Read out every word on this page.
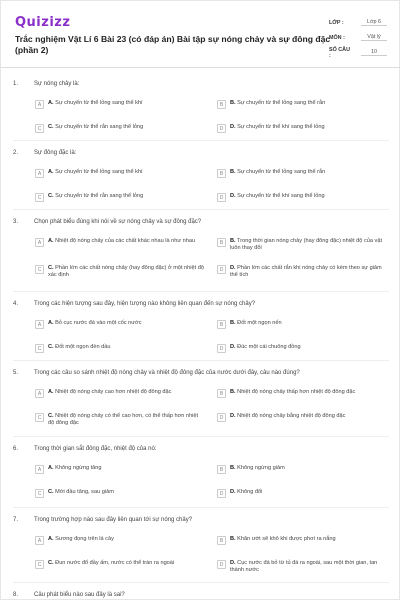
Quizizz
Trắc nghiệm Vật Lí 6 Bài 23 (có đáp án) Bài tập sự nóng chảy và sự đông đặc (phần 2)
LỚP :	Lớp 6
MÔN :	Vật lý
SỐ CÂU :
10
1.	Sự nóng chảy là:
A	A. Sự chuyển từ thể lỏng sang thể khí	B	B. Sự chuyển từ thể lỏng sang thể rắn
C	C. Sự chuyển từ thể rắn sang thể lỏng	D	D. Sự chuyển từ thể khí sang thể lỏng
2.	Sự đông đặc là:
A	A. Sự chuyển từ thể lỏng sang thể khí	B	B. Sự chuyển từ thể lỏng sang thể rắn
C	C. Sự chuyển từ thể rắn sang thể lỏng	D	D. Sự chuyển từ thể khí sang thể lỏng
3.	Chọn phát biểu đúng khi nói về sự nóng chảy và sự đông đặc?
A	A. Nhiệt độ nóng chảy của các chất khác nhau là như nhau	B	B. Trong thời gian nóng chảy (hay đông đặc) nhiệt độ của vật luôn thay đổi
C	C. Phần lớn các chất nóng chảy (hay đông đặc) ở một nhiệt độ xác định
D	D. Phần lớn các chất rắn khi nóng chảy có kèm theo sự giảm thể tích
4.	Trong các hiện tượng sau đây, hiện tượng nào không liên quan đến sự nóng chảy?
A	A. Bỏ cục nước đá vào một cốc nước	B	B. Đốt một ngọn nến
C	C. Đốt một ngọn đèn dầu	D	D. Đúc một cái chuông đồng
5.	Trong các câu so sánh nhiệt độ nóng chảy và nhiệt độ đông đặc của nước dưới đây, câu nào đúng?
A	A. Nhiệt độ nóng chảy cao hơn nhiệt độ đông đặc	B	B. Nhiệt độ nóng chảy thấp hơn nhiệt độ đông đặc
C	C. Nhiệt độ nóng chảy có thể cao hơn, có thể thấp hơn nhiệt độ đông đặc
D	D. Nhiệt độ nóng chảy bằng nhiệt độ đông đặc
6.	Trong thời gian sắt đông đặc, nhiệt độ của nó:
A	A. Không ngừng tăng	B	B. Không ngừng giảm
C	C. Mới đầu tăng, sau giảm	D	D. Không đổi
7.	Trong trường hợp nào sau đây liên quan tới sự nóng chảy?
A	A. Sương đọng trên lá cây	B	B. Khăn ướt sẽ khô khi được phơi ra nắng
C	C. Đun nước đổ đầy ấm, nước có thể tràn ra ngoài	D	D. Cục nước đá bỏ từ tủ đá ra ngoài, sau một thời gian, tan thành nước
8.	Câu phát biểu nào sau đây là sai?
